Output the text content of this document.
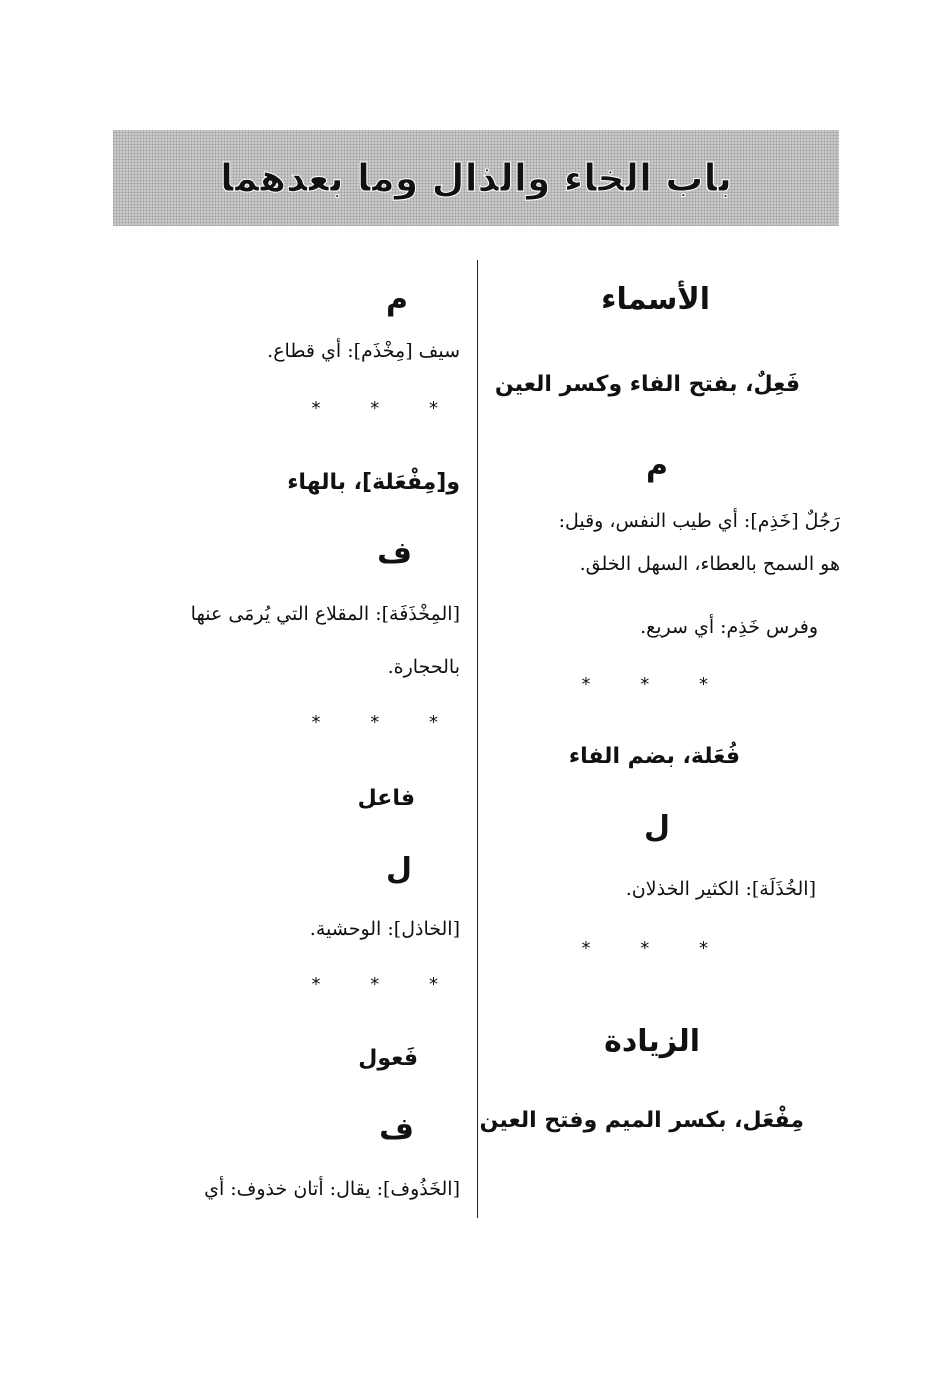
باب الخاء والذال وما بعدهما
الأسماء
فَعِلٌ، بفتح الفاء وكسر العين
م
رَجُلٌ [خَذِم]: أي طيب النفس، وقيل:
هو السمح بالعطاء، السهل الخلق.
وفرس خَذِم: أي سريع.
* * *
فُعَلة، بضم الفاء
ل
[الخُذَلَة]: الكثير الخذلان.
* * *
الزيادة
مِفْعَل، بكسر الميم وفتح العين
م
سيف [مِخْذَم]: أي قطاع.
* * *
و[مِفْعَلة]، بالهاء
ف
[المِخْذَفَة]: المقلاع التي يُرمَى عنها
بالحجارة.
* * *
فاعل
ل
[الخاذل]: الوحشية.
* * *
فَعول
ف
[الخَذُوف]: يقال: أتان خذوف: أي
